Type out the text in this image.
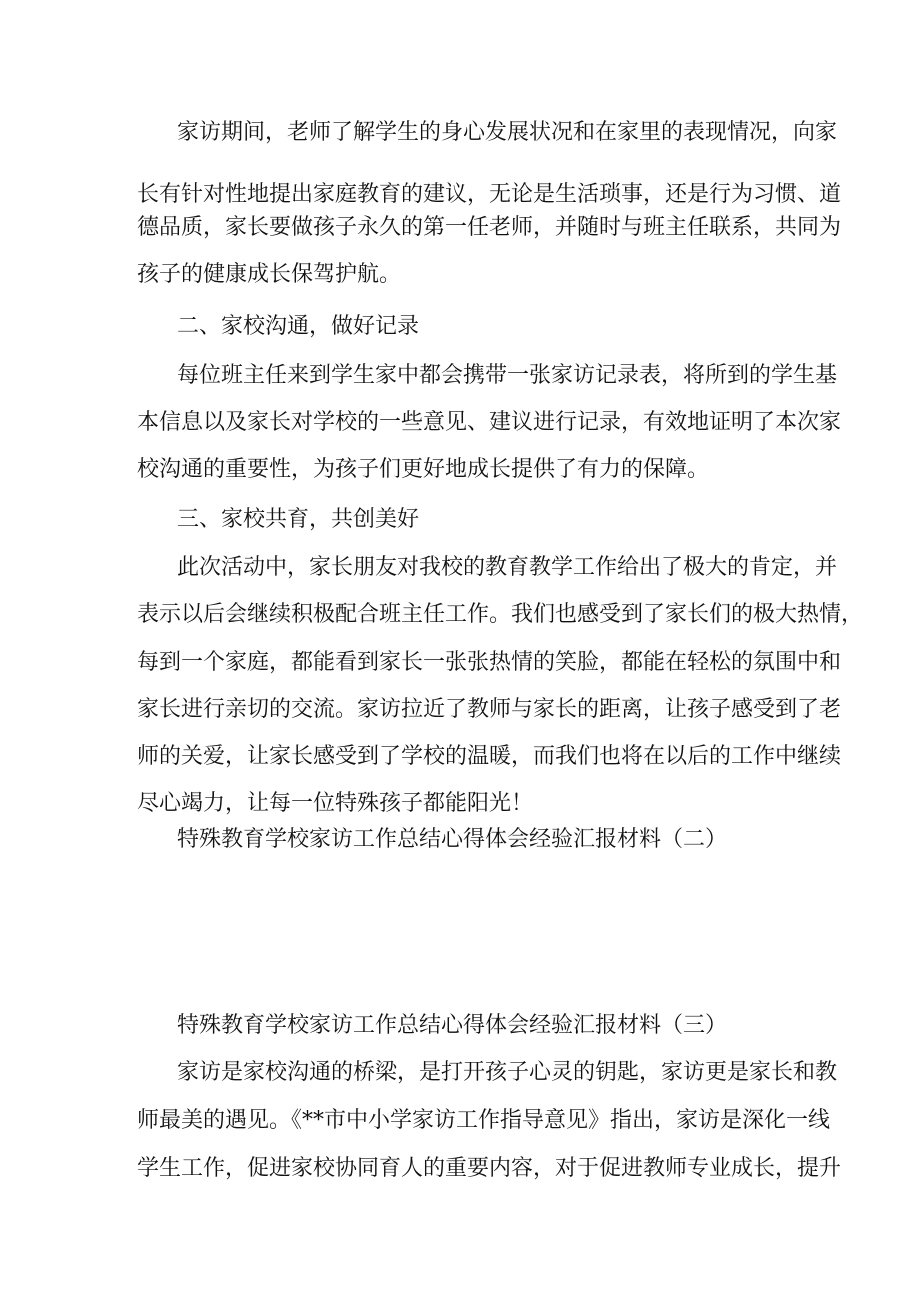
家访期间，老师了解学生的身心发展状况和在家里的表现情况，向家

长有针对性地提出家庭教育的建议，无论是生活琐事，还是行为习惯、道

德品质，家长要做孩子永久的第一任老师，并随时与班主任联系，共同为

孩子的健康成长保驾护航。

二、家校沟通，做好记录

每位班主任来到学生家中都会携带一张家访记录表，将所到的学生基

本信息以及家长对学校的一些意见、建议进行记录，有效地证明了本次家

校沟通的重要性，为孩子们更好地成长提供了有力的保障。

三、家校共育，共创美好

此次活动中，家长朋友对我校的教育教学工作给出了极大的肯定，并

表示以后会继续积极配合班主任工作。我们也感受到了家长们的极大热情，

每到一个家庭，都能看到家长一张张热情的笑脸，都能在轻松的氛围中和

家长进行亲切的交流。家访拉近了教师与家长的距离，让孩子感受到了老

师的关爱，让家长感受到了学校的温暖，而我们也将在以后的工作中继续

尽心竭力，让每一位特殊孩子都能阳光！

特殊教育学校家访工作总结心得体会经验汇报材料（二）

特殊教育学校家访工作总结心得体会经验汇报材料（三）

家访是家校沟通的桥梁，是打开孩子心灵的钥匙，家访更是家长和教

师最美的遇见。《**市中小学家访工作指导意见》指出，家访是深化一线

学生工作，促进家校协同育人的重要内容，对于促进教师专业成长，提升
